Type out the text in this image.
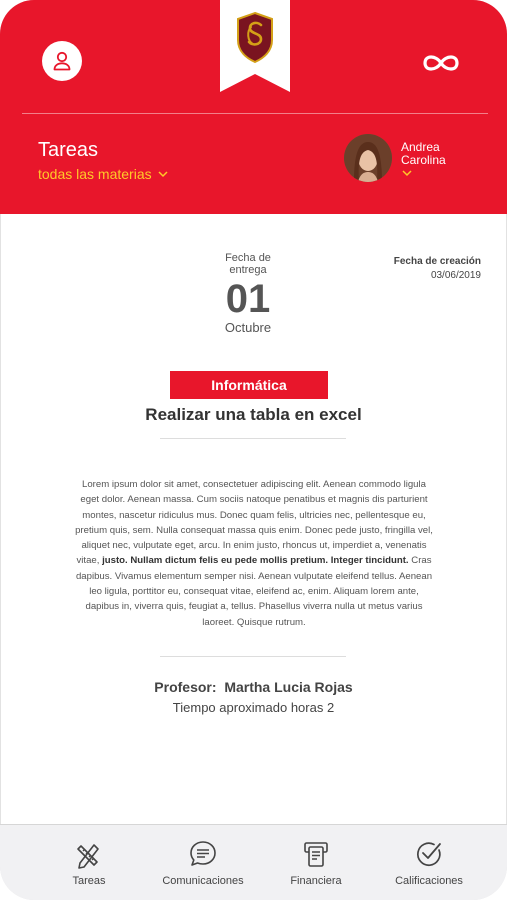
Tareas
todas las materias
Andrea
Carolina
Fecha de
entrega
01
Octubre
Fecha de creación
03/06/2019
Informática
Realizar una tabla en excel
Lorem ipsum dolor sit amet, consectetuer adipiscing elit. Aenean commodo ligula eget dolor. Aenean massa. Cum sociis natoque penatibus et magnis dis parturient montes, nascetur ridiculus mus. Donec quam felis, ultricies nec, pellentesque eu, pretium quis, sem. Nulla consequat massa quis enim. Donec pede justo, fringilla vel, aliquet nec, vulputate eget, arcu. In enim justo, rhoncus ut, imperdiet a, venenatis vitae, justo. Nullam dictum felis eu pede mollis pretium. Integer tincidunt. Cras dapibus. Vivamus elementum semper nisi. Aenean vulputate eleifend tellus. Aenean leo ligula, porttitor eu, consequat vitae, eleifend ac, enim. Aliquam lorem ante, dapibus in, viverra quis, feugiat a, tellus. Phasellus viverra nulla ut metus varius laoreet. Quisque rutrum.
Profesor: Martha Lucia Rojas
Tiempo aproximado horas 2
Tareas	Comunicaciones	Financiera	Calificaciones
